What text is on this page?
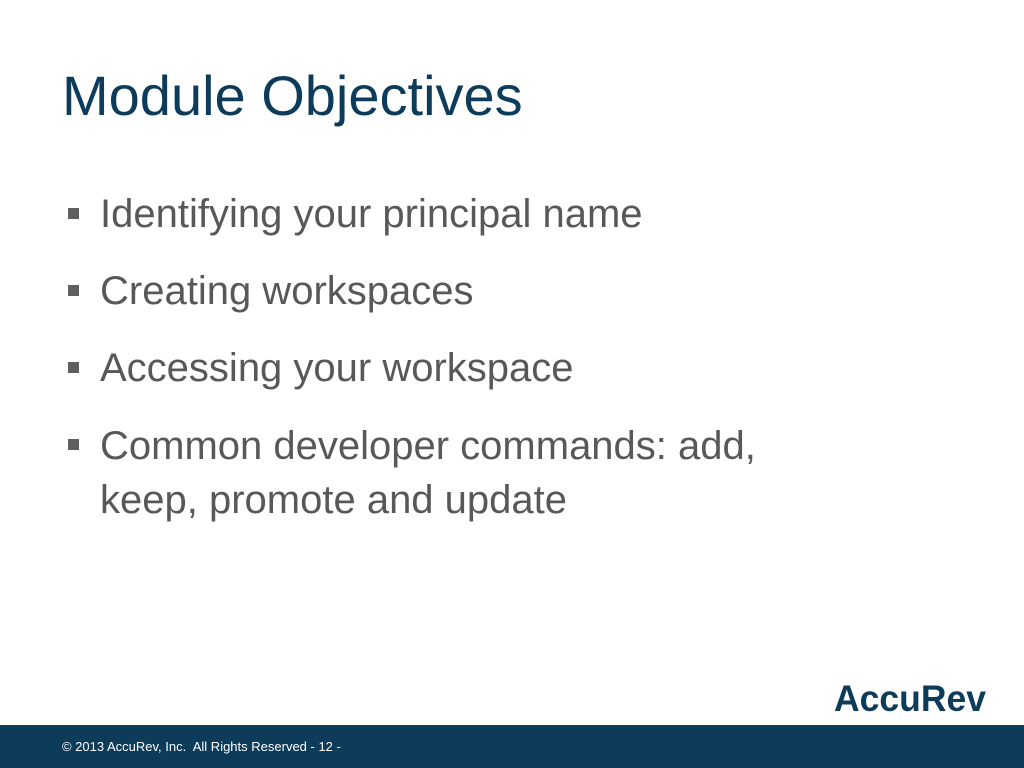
Module Objectives
Identifying your principal name
Creating workspaces
Accessing your workspace
Common developer commands: add,
keep, promote and update
AccuRev
© 2013 AccuRev, Inc.  All Rights Reserved - 12 -
